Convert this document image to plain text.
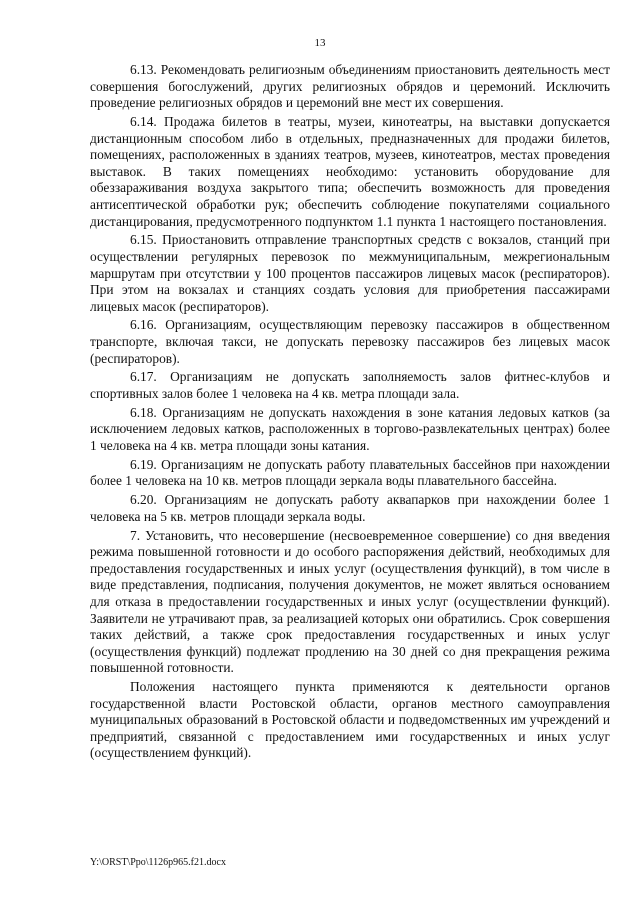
13

6.13. Рекомендовать религиозным объединениям приостановить деятельность мест совершения богослужений, других религиозных обрядов и церемоний. Исключить проведение религиозных обрядов и церемоний вне мест их совершения.

6.14. Продажа билетов в театры, музеи, кинотеатры, на выставки допускается дистанционным способом либо в отдельных, предназначенных для продажи билетов, помещениях, расположенных в зданиях театров, музеев, кинотеатров, местах проведения выставок. В таких помещениях необходимо: установить оборудование для обеззараживания воздуха закрытого типа; обеспечить возможность для проведения антисептической обработки рук; обеспечить соблюдение покупателями социального дистанцирования, предусмотренного подпунктом 1.1 пункта 1 настоящего постановления.

6.15. Приостановить отправление транспортных средств с вокзалов, станций при осуществлении регулярных перевозок по межмуниципальным, межрегиональным маршрутам при отсутствии у 100 процентов пассажиров лицевых масок (респираторов). При этом на вокзалах и станциях создать условия для приобретения пассажирами лицевых масок (респираторов).

6.16. Организациям, осуществляющим перевозку пассажиров в общественном транспорте, включая такси, не допускать перевозку пассажиров без лицевых масок (респираторов).

6.17. Организациям не допускать заполняемость залов фитнес-клубов и спортивных залов более 1 человека на 4 кв. метра площади зала.

6.18. Организациям не допускать нахождения в зоне катания ледовых катков (за исключением ледовых катков, расположенных в торгово-развлекательных центрах) более 1 человека на 4 кв. метра площади зоны катания.

6.19. Организациям не допускать работу плавательных бассейнов при нахождении более 1 человека на 10 кв. метров площади зеркала воды плавательного бассейна.

6.20. Организациям не допускать работу аквапарков при нахождении более 1 человека на 5 кв. метров площади зеркала воды.

7. Установить, что несовершение (несвоевременное совершение) со дня введения режима повышенной готовности и до особого распоряжения действий, необходимых для предоставления государственных и иных услуг (осуществления функций), в том числе в виде представления, подписания, получения документов, не может являться основанием для отказа в предоставлении государственных и иных услуг (осуществлении функций). Заявители не утрачивают прав, за реализацией которых они обратились. Срок совершения таких действий, а также срок предоставления государственных и иных услуг (осуществления функций) подлежат продлению на 30 дней со дня прекращения режима повышенной готовности.

Положения настоящего пункта применяются к деятельности органов государственной власти Ростовской области, органов местного самоуправления муниципальных образований в Ростовской области и подведомственных им учреждений и предприятий, связанной с предоставлением ими государственных и иных услуг (осуществлением функций).

Y:\ORST\Ppo\1126p965.f21.docx
